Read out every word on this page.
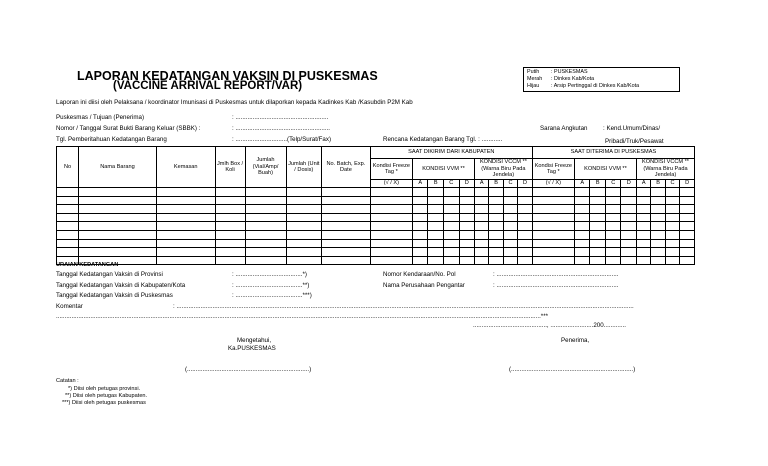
LAPORAN KEDATANGAN VAKSIN DI PUSKESMAS
(VACCINE ARRIVAL REPORT/VAR)
Putih : PUSKESMAS
Merah : Dinkes Kab/Kota
Hijau : Arsip Pertinggal di Dinkes Kab/Kota
Laporan ini diisi oleh Pelaksana / koordinator Imunisasi di Puskesmas untuk dilaporkan kepada Kadinkes Kab /Kasubdin P2M Kab
Puskesmas / Tujuan (Penerima)	: ......................................................
Nomor / Tanggal Surat Bukti Barang Keluar (SBBK) :	: .......................................................	Sarana Angkutan	: Kend.Umum/Dinas/
Tgl. Pemberitahuan Kedatangan Barang	: ..............................(Telp/Surat/Fax)	Rencana Kedatangan Barang Tgl. : ............	Pribadi/Truk/Pesawat
No	Nama Barang	Kemasan	Jmlh Box / Koli	Jumlah (Vial/Amp/ Buah)	Jumlah (Unit / Dosis)	No. Batch, Exp. Date	SAAT DIKIRIM DARI KABUPATEN									SAAT DITERIMA DI PUSKESMAS								
							Kondisi Freeze Tag *	KONDISI VVM **				KONDISI VCCM ** (Warna Biru Pada Jendela)				Kondisi Freeze Tag *	KONDISI VVM **				KONDISI VCCM ** (Warna Biru Pada Jendela)			
							(√ / X)	A	B	C	D	A	B	C	D	(√ / X)	A	B	C	D	A	B	C	D

URAIAN KEDATANGAN
Tanggal Kedatangan Vaksin di Provinsi	: .......................................*)	Nomor Kendaraan/No. Pol	: .......................................................................
Tanggal Kedatangan Vaksin di Kabupaten/Kota	: .......................................**)	Nama Perusahaan Pengantar	: .......................................................................
Tanggal Kedatangan Vaksin di Puskesmas	: .......................................***)
Komentar	: ..........................................................................................................................................................................................................................................................................
..........................................................................................................................................................................................................................................................................................***
..........................................., .........................200.............
Mengetahui,
Ka.PUSKESMAS
Penerima,
(.......................................................................)	(.......................................................................)
Catatan :
*) Diisi oleh petugas provinsi.
**) Diisi oleh petugas Kabupaten.
***) Diisi oleh petugas puskesmas
